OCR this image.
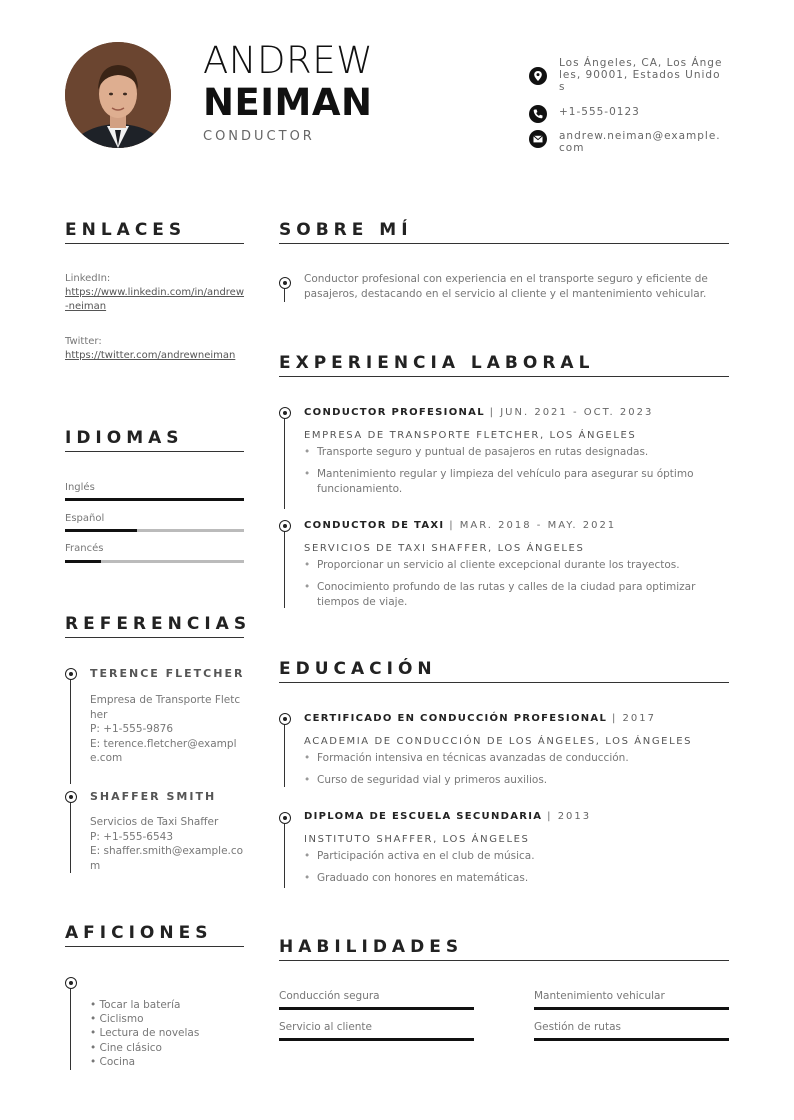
ANDREW
NEIMAN
CONDUCTOR
Los Ángeles, CA, Los Ángeles, 90001, Estados Unidos
+1-555-0123
andrew.neiman@example.com
ENLACES
LinkedIn:
https://www.linkedin.com/in/andrew-neiman
Twitter:
https://twitter.com/andrewneiman
IDIOMAS
Inglés
Español
Francés
REFERENCIAS
TERENCE FLETCHER
Empresa de Transporte Fletcher
P: +1-555-9876
E: terence.fletcher@example.com
SHAFFER SMITH
Servicios de Taxi Shaffer
P: +1-555-6543
E: shaffer.smith@example.com
AFICIONES
• Tocar la batería
• Ciclismo
• Lectura de novelas
• Cine clásico
• Cocina
SOBRE MÍ
Conductor profesional con experiencia en el transporte seguro y eficiente de pasajeros, destacando en el servicio al cliente y el mantenimiento vehicular.
EXPERIENCIA LABORAL
CONDUCTOR PROFESIONAL | JUN. 2021 - OCT. 2023
EMPRESA DE TRANSPORTE FLETCHER, LOS ÁNGELES
• Transporte seguro y puntual de pasajeros en rutas designadas.
• Mantenimiento regular y limpieza del vehículo para asegurar su óptimo funcionamiento.
CONDUCTOR DE TAXI | MAR. 2018 - MAY. 2021
SERVICIOS DE TAXI SHAFFER, LOS ÁNGELES
• Proporcionar un servicio al cliente excepcional durante los trayectos.
• Conocimiento profundo de las rutas y calles de la ciudad para optimizar tiempos de viaje.
EDUCACIÓN
CERTIFICADO EN CONDUCCIÓN PROFESIONAL | 2017
ACADEMIA DE CONDUCCIÓN DE LOS ÁNGELES, LOS ÁNGELES
• Formación intensiva en técnicas avanzadas de conducción.
• Curso de seguridad vial y primeros auxilios.
DIPLOMA DE ESCUELA SECUNDARIA | 2013
INSTITUTO SHAFFER, LOS ÁNGELES
• Participación activa en el club de música.
• Graduado con honores en matemáticas.
HABILIDADES
Conducción segura	Mantenimiento vehicular
Servicio al cliente	Gestión de rutas
